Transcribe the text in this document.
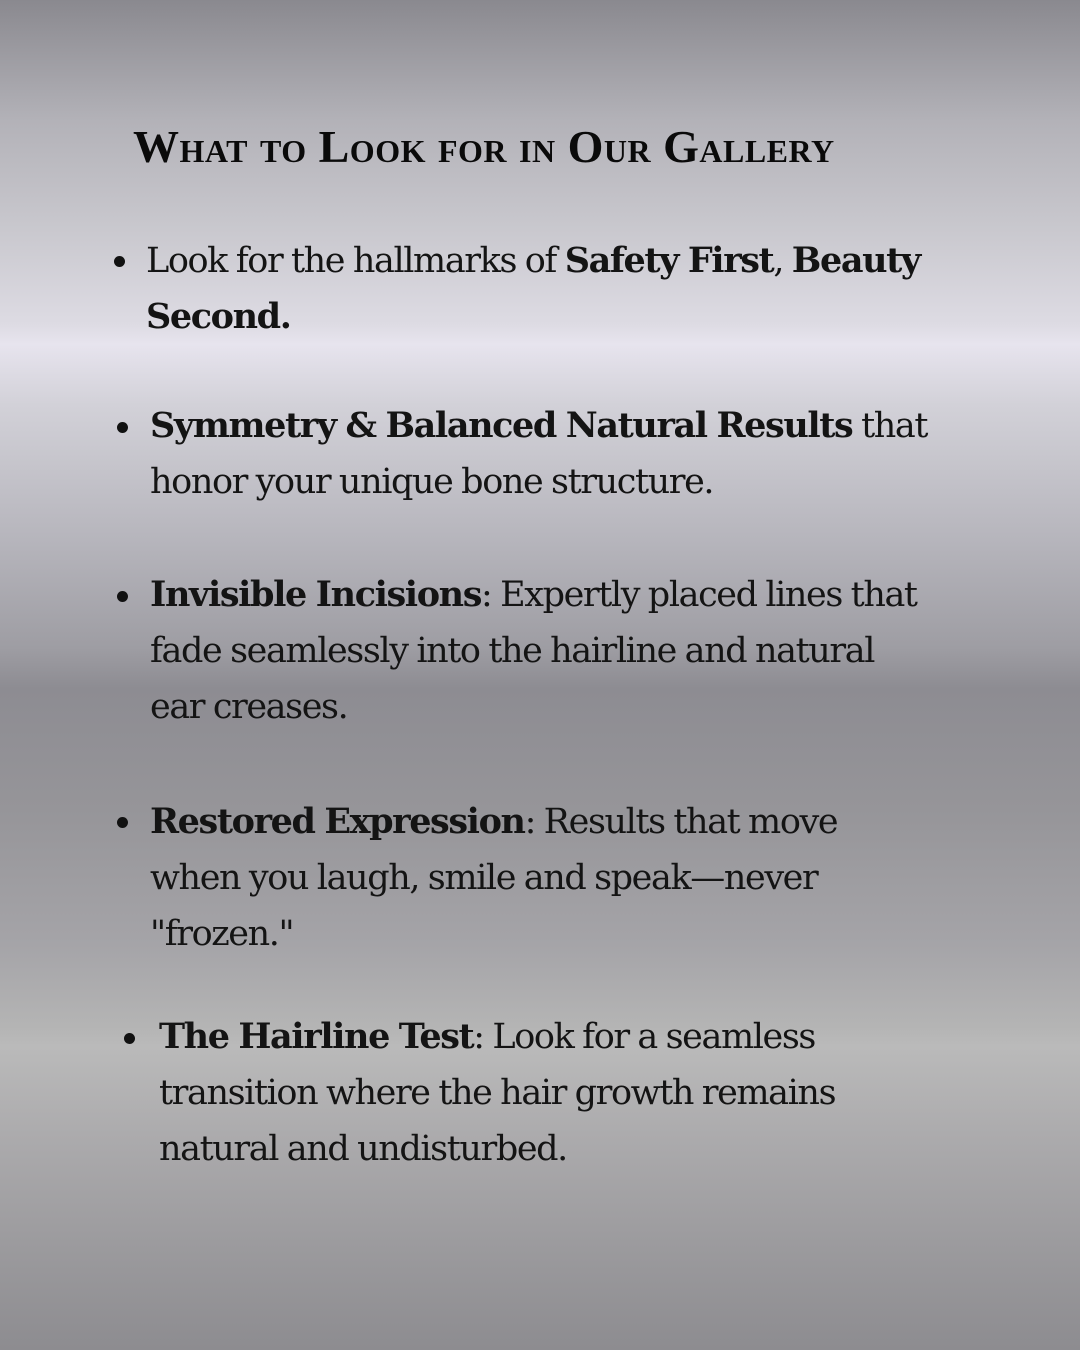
What to Look for in Our Gallery

Look for the hallmarks of Safety First, Beauty
Second.

Symmetry & Balanced Natural Results that
honor your unique bone structure.

Invisible Incisions: Expertly placed lines that
fade seamlessly into the hairline and natural
ear creases.

Restored Expression: Results that move
when you laugh, smile and speak—never
"frozen."

The Hairline Test: Look for a seamless
transition where the hair growth remains
natural and undisturbed.
